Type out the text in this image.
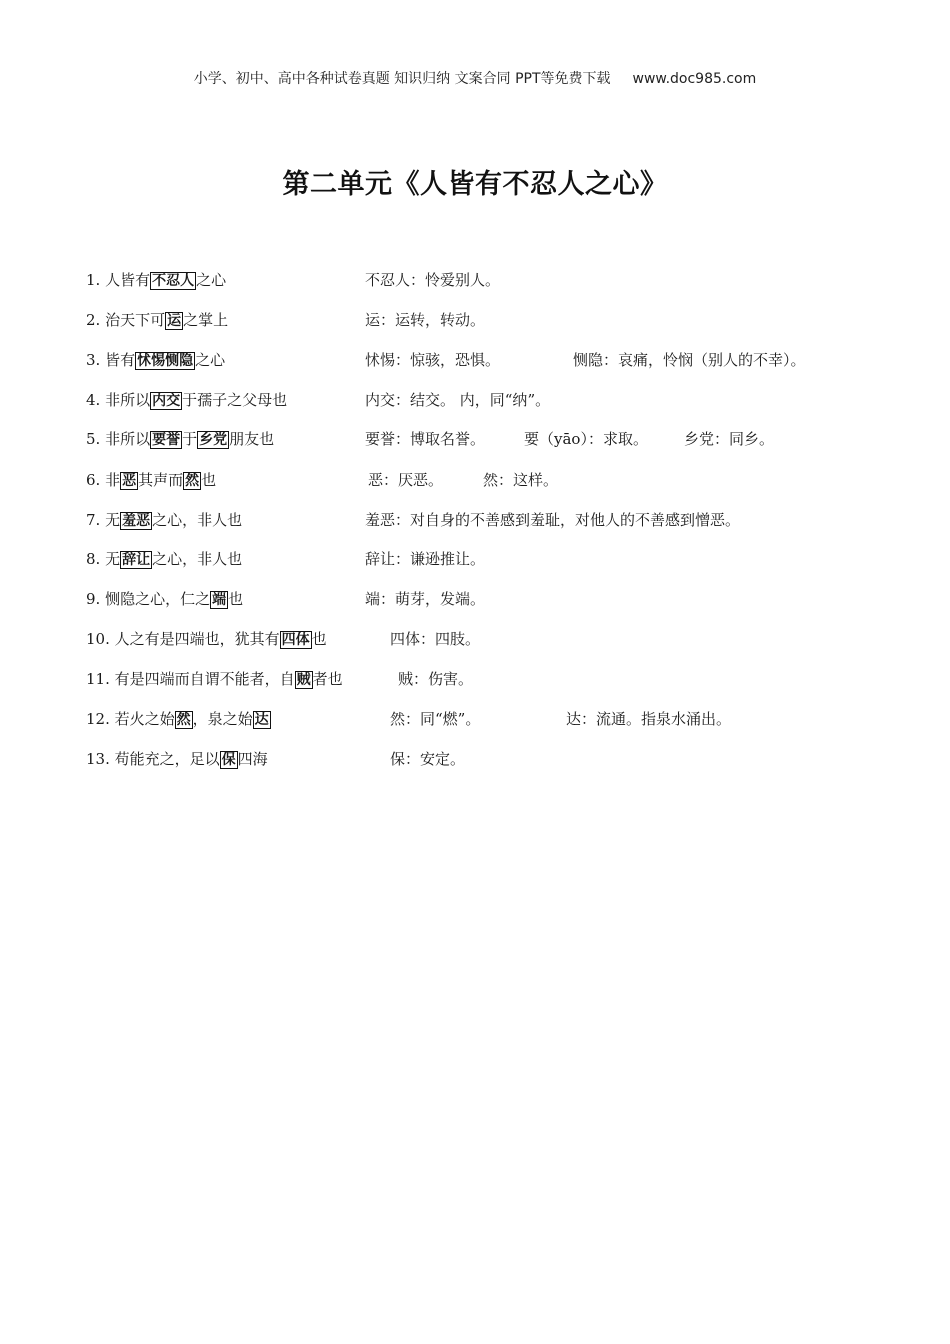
小学、初中、高中各种试卷真题 知识归纳 文案合同 PPT等免费下载 www.doc985.com
第二单元《人皆有不忍人之心》
1. 人皆有 不忍人 之心	不忍人：怜爱别人。
2. 治天下可 运 之掌上	运：运转，转动。
3. 皆有 怵惕恻隐 之心	怵惕：惊骇，恐惧。	恻隐：哀痛，怜悯（别人的不幸）。
4. 非所以 内交 于孺子之父母也	内交：结交。 内，同“纳”。
5. 非所以 要誉 于 乡党 朋友也	要誉：博取名誉。	要（yāo）：求取。 乡党：同乡。
6. 非 恶 其声而 然 也	恶：厌恶。	然：这样。
7. 无 羞恶 之心，非人也	羞恶：对自身的不善感到羞耻，对他人的不善感到憎恶。
8. 无 辞让 之心，非人也	辞让：谦逊推让。
9. 恻隐之心，仁之 端 也	端：萌芽，发端。
10. 人之有是四端也，犹其有 四体 也	四体：四肢。
11. 有是四端而自谓不能者，自 贼 者也	贼：伤害。
12. 若火之始 然 ，泉之始 达	然：同“燃”。	达：流通。指泉水涌出。
13. 苟能充之，足以 保 四海	保：安定。
